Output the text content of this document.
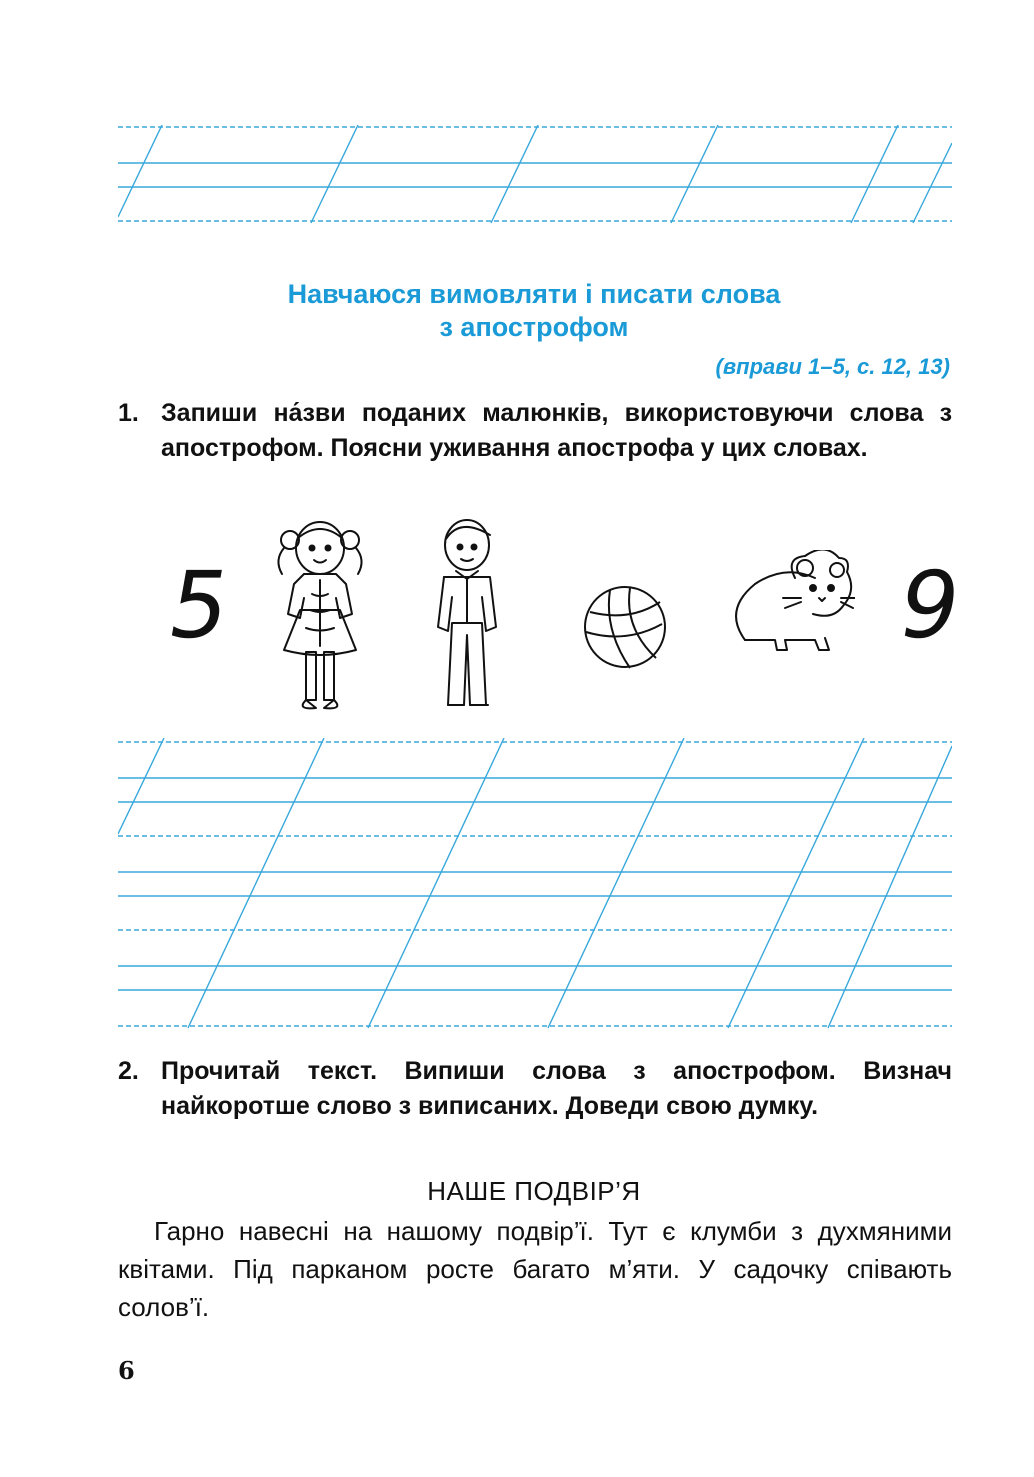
Навчаюся вимовляти і писати слова
з апострофом
(вправи 1–5, с. 12, 13)
1. Запиши на́зви поданих малюнків, використовуючи слова з апострофом. Поясни уживання апострофа у цих словах.
5	9
2. Прочитай текст. Випиши слова з апострофом. Визнач найкоротше слово з виписаних. Доведи свою думку.
НАШЕ ПОДВІР’Я

Гарно навесні на нашому подвір’ї. Тут є клумби з духмяними квітами. Під парканом росте багато м’яти. У садочку співають солов’ї.

6
